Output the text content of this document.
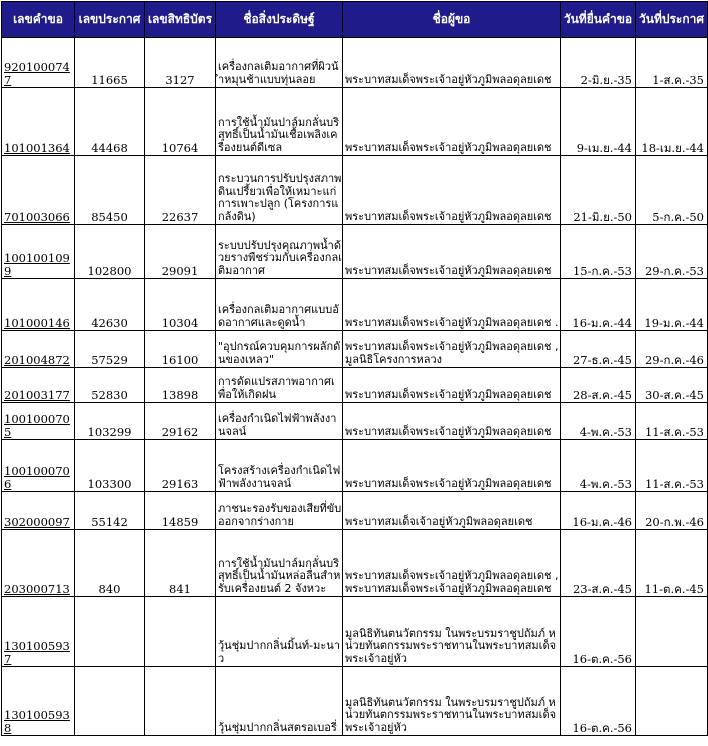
เลขคำขอ	เลขประกาศ	เลขสิทธิบัตร	ชื่อสิ่งประดิษฐ์	ชื่อผู้ขอ	วันที่ยื่นคำขอ	วันที่ประกาศ
9201000747	11665	3127	เครื่องกลเติมอากาศที่ผิวน้ำหมุนช้าแบบทุ่นลอย	พระบาทสมเด็จพระเจ้าอยู่หัวภูมิพลอดุลยเดช	2-มิ.ย.-35	1-ส.ค.-35
101001364	44468	10764	การใช้น้ำมันปาล์มกลั่นบริสุทธิ์เป็นน้ำมันเชื้อเพลิงเครื่องยนต์ดีเซล	พระบาทสมเด็จพระเจ้าอยู่หัวภูมิพลอดุลยเดช	9-เม.ย.-44	18-เม.ย.-44
701003066	85450	22637	กระบวนการปรับปรุงสภาพดินเปรี้ยวเพื่อให้เหมาะแก่การเพาะปลูก (โครงการแกล้งดิน)	พระบาทสมเด็จพระเจ้าอยู่หัวภูมิพลอดุลยเดช	21-มิ.ย.-50	5-ก.ค.-50
1001001099	102800	29091	ระบบปรับปรุงคุณภาพน้ำด้วยรางพืชร่วมกับเครื่องกลเติมอากาศ	พระบาทสมเด็จพระเจ้าอยู่หัวภูมิพลอดุลยเดช	15-ก.ค.-53	29-ก.ค.-53
101000146	42630	10304	เครื่องกลเติมอากาศแบบอัดอากาศและดูดน้ำ	พระบาทสมเด็จพระเจ้าอยู่หัวภูมิพลอดุลยเดช .	16-ม.ค.-44	19-ม.ค.-44
201004872	57529	16100	"อุปกรณ์ควบคุมการผลักดันของเหลว"	พระบาทสมเด็จพระเจ้าอยู่หัวภูมิพลอดุลยเดช , มูลนิธิโครงการหลวง	27-ธ.ค.-45	29-ก.ค.-46
201003177	52830	13898	การดัดแปรสภาพอากาศเพื่อให้เกิดฝน	พระบาทสมเด็จพระเจ้าอยู่หัวภูมิพลอดุลยเดช	28-ส.ค.-45	30-ส.ค.-45
1001000705	103299	29162	เครื่องกำเนิดไฟฟ้าพลังงานจลน์	พระบาทสมเด็จพระเจ้าอยู่หัวภูมิพลอดุลยเดช	4-พ.ค.-53	11-ส.ค.-53
1001000706	103300	29163	โครงสร้างเครื่องกำเนิดไฟฟ้าพลังงานจลน์	พระบาทสมเด็จพระเจ้าอยู่หัวภูมิพลอดุลยเดช	4-พ.ค.-53	11-ส.ค.-53
302000097	55142	14859	ภาชนะรองรับของเสียที่ขับออกจากร่างกาย	พระบาทสมเด็จเจ้าอยู่หัวภูมิพลอดุลยเดช	16-ม.ค.-46	20-ก.พ.-46
203000713	840	841	การใช้น้ำมันปาล์มกลั่นบริสุทธิ์เป็นน้ำมันหล่อลื่นสำหรับเครื่องยนต์ 2 จังหวะ	พระบาทสมเด็จพระเจ้าอยู่หัวภูมิพลอดุลยเดช , พระบาทสมเด็จพระเจ้าอยู่หัวภูมิพลอดุลยเดช	23-ส.ค.-45	11-ต.ค.-45
1301005937			วุ้นชุ่มปากกลิ่นมิ้นท์-มะนาว	มูลนิธิทันตนวัตกรรม ในพระบรมราชูปถัมภ์ หน่วยทันตกรรมพระราชทานในพระบาทสมเด็จพระเจ้าอยู่หัว	16-ต.ค.-56	
1301005938			วุ้นชุ่มปากกลิ่นสตรอเบอรี่	มูลนิธิทันตนวัตกรรม ในพระบรมราชูปถัมภ์ หน่วยทันตกรรมพระราชทานในพระบาทสมเด็จพระเจ้าอยู่หัว	16-ต.ค.-56	
